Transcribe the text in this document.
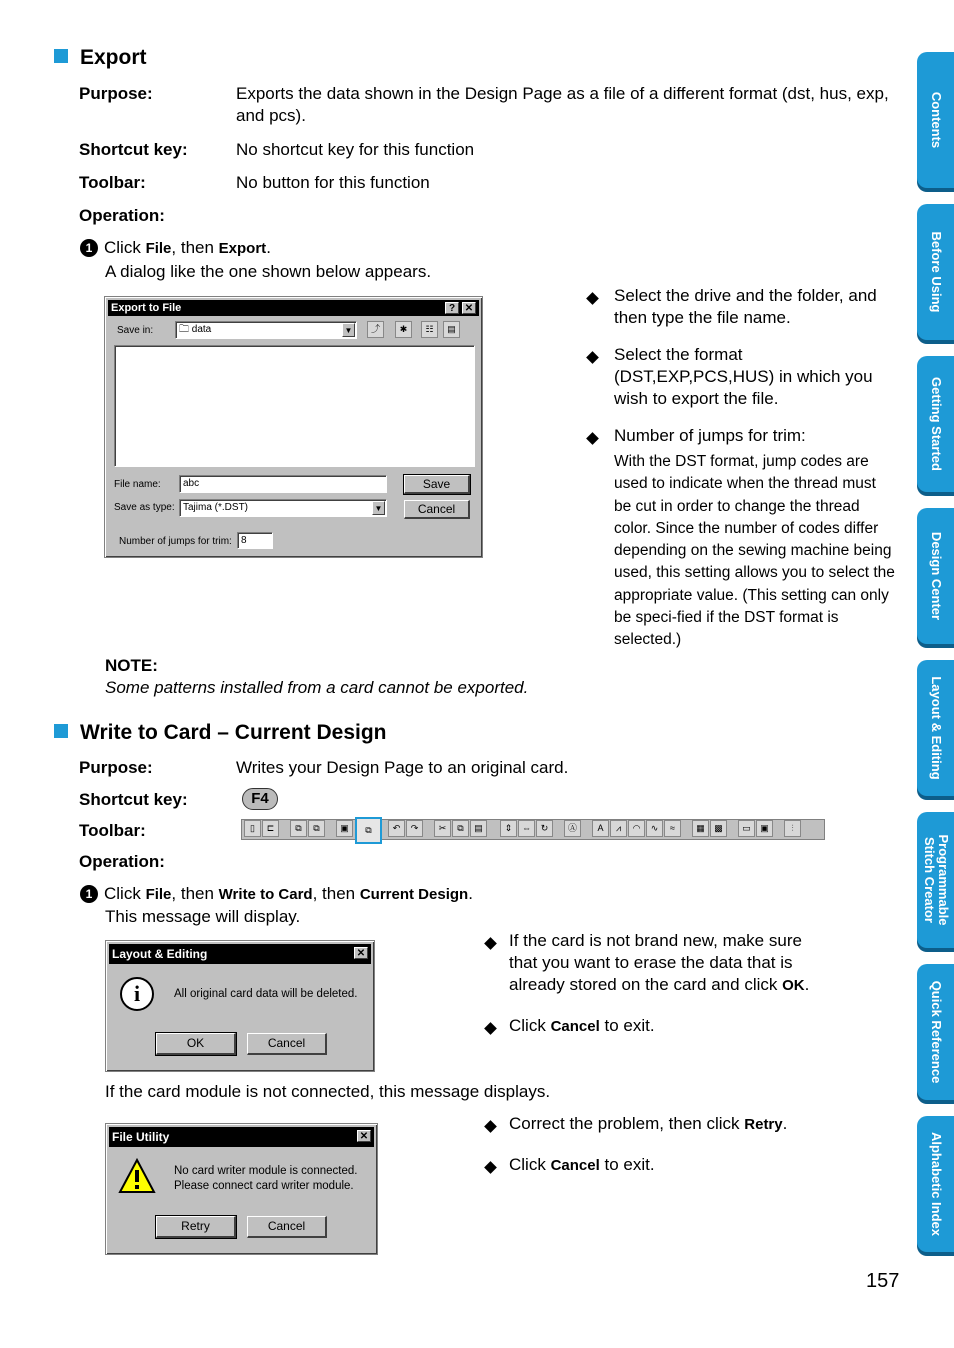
Contents
Before Using
Getting Started
Design Center
Layout & Editing
Programmable Stitch Creator
Quick Reference
Alphabetic Index
Export
Purpose:	Exports the data shown in the Design Page as a file of a different format (dst, hus, exp, and pcs).
Shortcut key:	No shortcut key for this function
Toolbar:	No button for this function
Operation:
1 Click File, then Export.
A dialog like the one shown below appears.
Export to File	? ✕
Save in:	🗀 data	▼	⤴	✱	☷	▤
File name:	abc	Save
Save as type: Tajima (*.DST)	▼	Cancel
Number of jumps for trim: 8
Select the drive and the folder, and then type the file name.
Select the format (DST,EXP,PCS,HUS) in which you wish to export the file.
Number of jumps for trim:
With the DST format, jump codes are used to indicate when the thread must be cut in order to change the thread color. Since the number of codes differ depending on the sewing machine being used, this setting allows you to select the appropriate value. (This setting can only be speci-fied if the DST format is selected.)
NOTE:
Some patterns installed from a card cannot be exported.
Write to Card – Current Design
Purpose:	Writes your Design Page to an original card.
Shortcut key:	F4
Toolbar:	▯	⊏	⧉	⧉	▣	⧉	↶	↷	✂	⧉	▤	⇕	⇔	↻	Ⓐ	A	⩘	◠	∿	≈	▦	▩	▭	▣	⫶
Operation:
1 Click File, then Write to Card, then Current Design.
This message will display.
Layout & Editing	✕
i	All original card data will be deleted.
OK	Cancel
If the card is not brand new, make sure that you want to erase the data that is already stored on the card and click OK.
Click Cancel to exit.
If the card module is not connected, this message displays.
File Utility	✕
No card writer module is connected.
Please connect card writer module.
Retry	Cancel
Correct the problem, then click Retry.
Click Cancel to exit.
157
